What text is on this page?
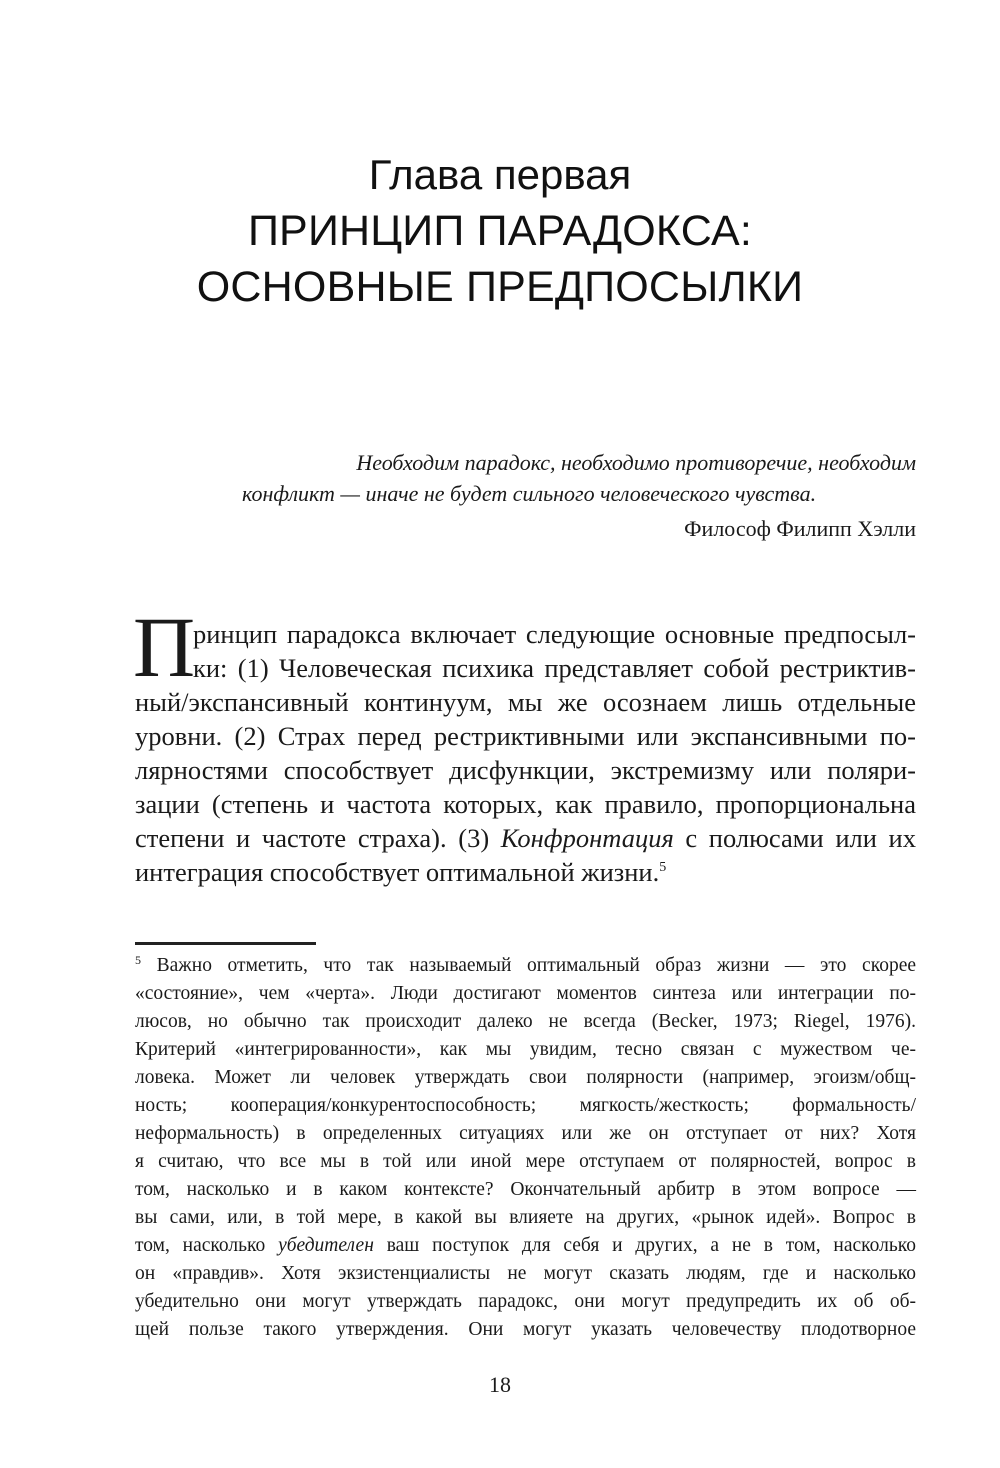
Глава первая
ПРИНЦИП ПАРАДОКСА:
ОСНОВНЫЕ ПРЕДПОСЫЛКИ
Необходим парадокс, необходимо противоречие, необходим
конфликт — иначе не будет сильного человеческого чувства.
Философ Филипп Хэлли
П
ринцип парадокса включает следующие основные предпосыл-
ки: (1) Человеческая психика представляет собой рестриктив-
ный/экспансивный континуум, мы же осознаем лишь отдельные
уровни. (2) Страх перед рестриктивными или экспансивными по-
лярностями способствует дисфункции, экстремизму или поляри-
зации (степень и частота которых, как правило, пропорциональна
степени и частоте страха). (3) Конфронтация с полюсами или их
интеграция способствует оптимальной жизни.$^5$
$^5$ Важно отметить, что так называемый оптимальный образ жизни — это скорее
«состояние», чем «черта». Люди достигают моментов синтеза или интеграции по-
люсов, но обычно так происходит далеко не всегда (Becker, 1973; Riegel, 1976).
Критерий «интегрированности», как мы увидим, тесно связан с мужеством че-
ловека. Может ли человек утверждать свои полярности (например, эгоизм/общ-
ность; кооперация/конкурентоспособность; мягкость/жесткость; формальность/
неформальность) в определенных ситуациях или же он отступает от них? Хотя
я считаю, что все мы в той или иной мере отступаем от полярностей, вопрос в
том, насколько и в каком контексте? Окончательный арбитр в этом вопросе —
вы сами, или, в той мере, в какой вы влияете на других, «рынок идей». Вопрос в
том, насколько убедителен ваш поступок для себя и других, а не в том, насколько
он «правдив». Хотя экзистенциалисты не могут сказать людям, где и насколько
убедительно они могут утверждать парадокс, они могут предупредить их об об-
щей пользе такого утверждения. Они могут указать человечеству плодотворное
18
